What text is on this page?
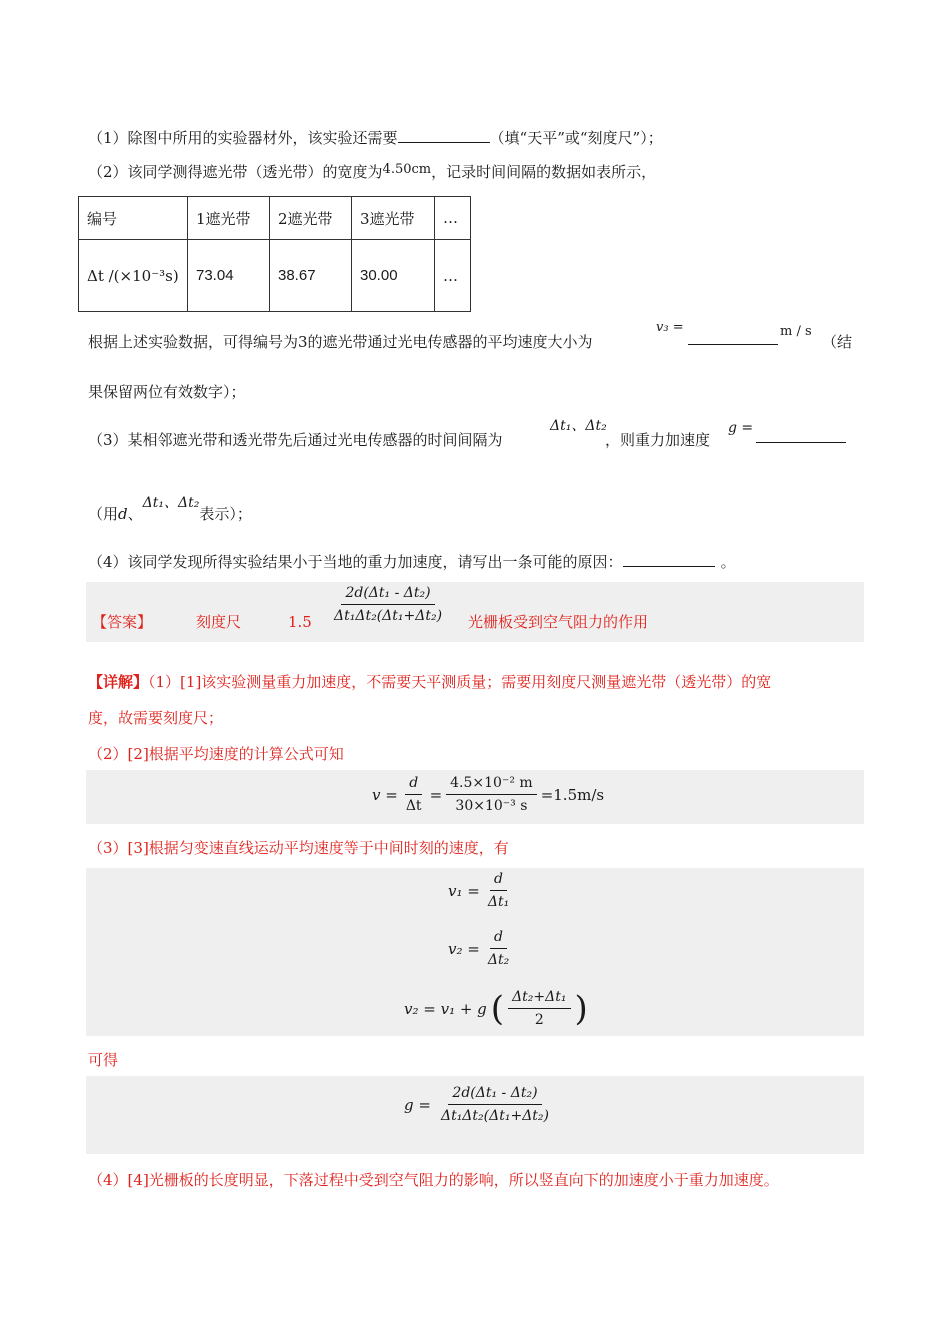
（1）除图中所用的实验器材外，该实验还需要	（填“天平”或“刻度尺”）；
（2）该同学测得遮光带（透光带）的宽度为4.50cm，记录时间间隔的数据如表所示，
编号	1遮光带	2遮光带	3遮光带	…
Δt /(×10⁻³s)	73.04	38.67	30.00	…
根据上述实验数据，可得编号为3的遮光带通过光电传感器的平均速度大小为
v₃ =	m / s
（结
果保留两位有效数字）；
（3）某相邻遮光带和透光带先后通过光电传感器的时间间隔为
Δt₁、Δt₂
，则重力加速度
g =
（用d、Δt₁、Δt₂表示）；
（4）该同学发现所得实验结果小于当地的重力加速度，请写出一条可能的原因：	。
【答案】	刻度尺	$1.5 \frac{\text{2d(Δt₁ - Δt₂)}}{\text{Δt₁Δt₂(Δt₁+Δt₂)}}$ 光栅板受到空气阻力的作用
【详解】（1）[1]该实验测量重力加速度，不需要天平测质量；需要用刻度尺测量遮光带（透光带）的宽
度，故需要刻度尺；
（2）[2]根据平均速度的计算公式可知
$v = \frac{d}{\Delta t} = \frac{\text{4.5×10⁻² m}}{\text{30×10⁻³ s}} =1.5m/s$
（3）[3]根据匀变速直线运动平均速度等于中间时刻的速度，有
$v_1 = \frac{d}{\text{Δt₁}}$
$v_2 = \frac{d}{\text{Δt₂}}$
v₂ = v₁ + g ( $\frac{\text{Δt₂+Δt₁}}{2}$ )
可得
$g = \frac{\text{2d(Δt₁ - Δt₂)}}{\text{Δt₁Δt₂(Δt₁+Δt₂)}}$
（4）[4]光栅板的长度明显，下落过程中受到空气阻力的影响，所以竖直向下的加速度小于重力加速度。
